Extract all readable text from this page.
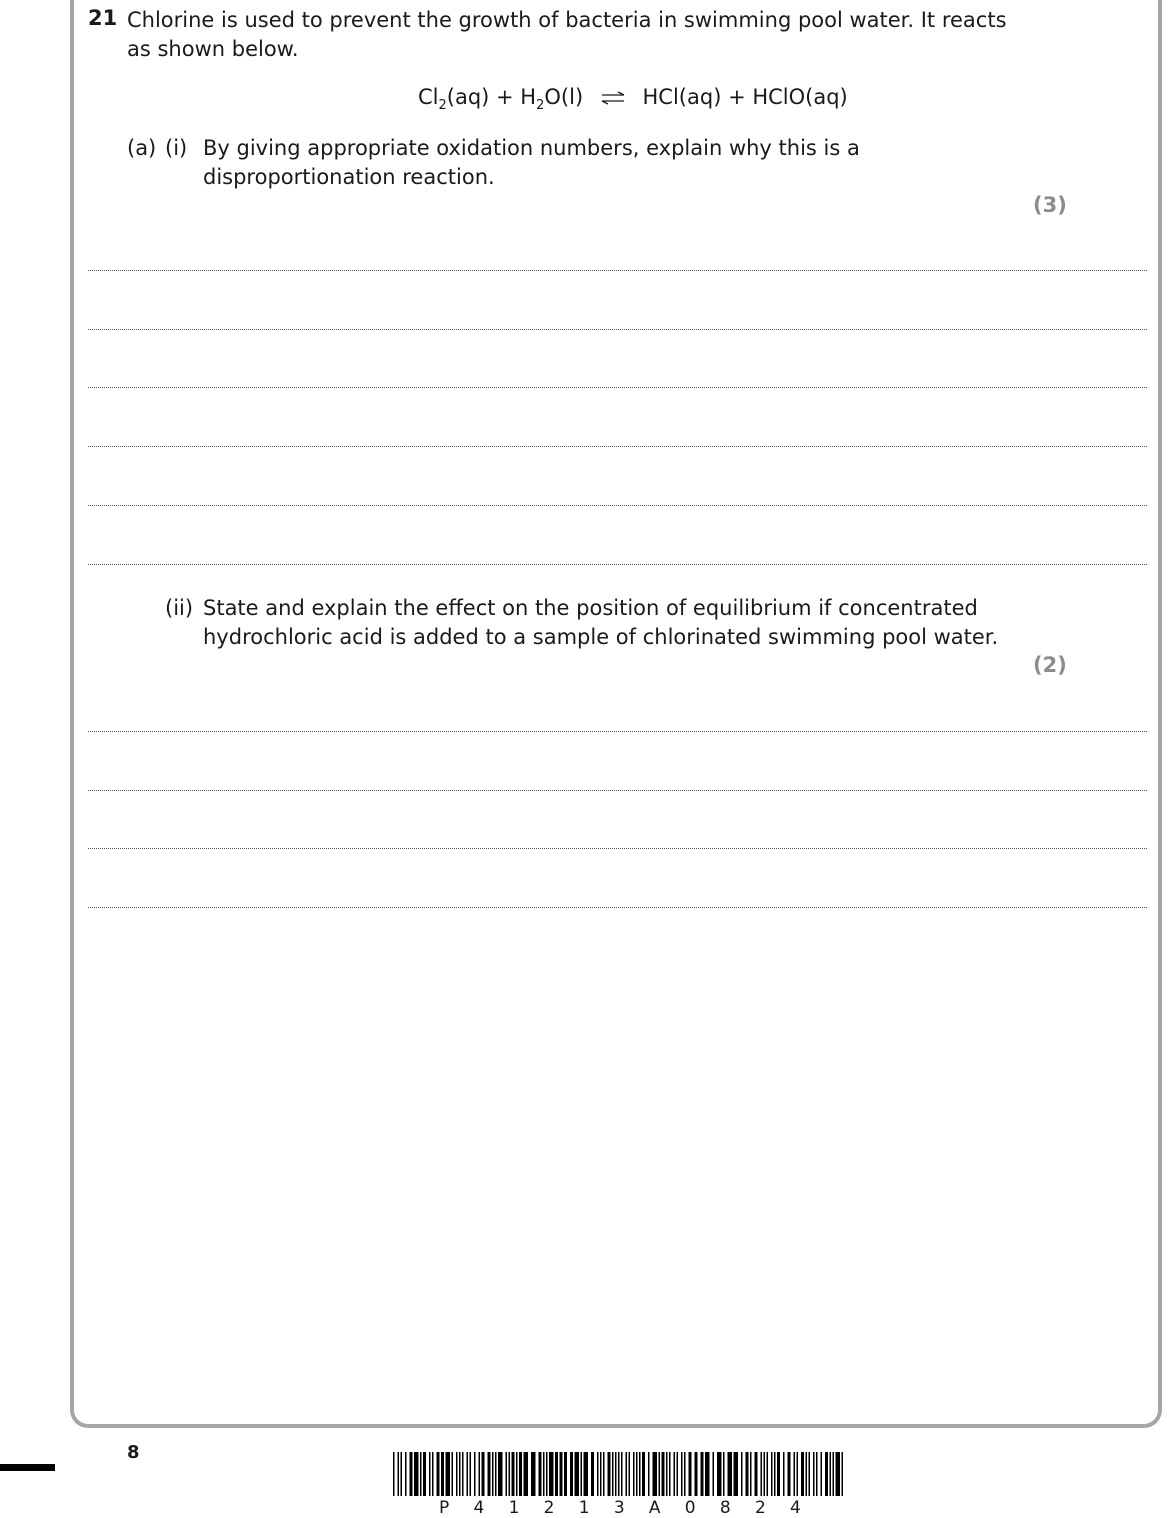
21 Chlorine is used to prevent the growth of bacteria in swimming pool water. It reacts
as shown below.
$Cl_2(aq) + H_2O(l)$ ⇌ HCl(aq) + HClO(aq)
(a) (i) By giving appropriate oxidation numbers, explain why this is a
disproportionation reaction.
(3)
(ii) State and explain the effect on the position of equilibrium if concentrated
hydrochloric acid is added to a sample of chlorinated swimming pool water.
(2)
8
P 4 1 2 1 3 A 0 8 2 4
